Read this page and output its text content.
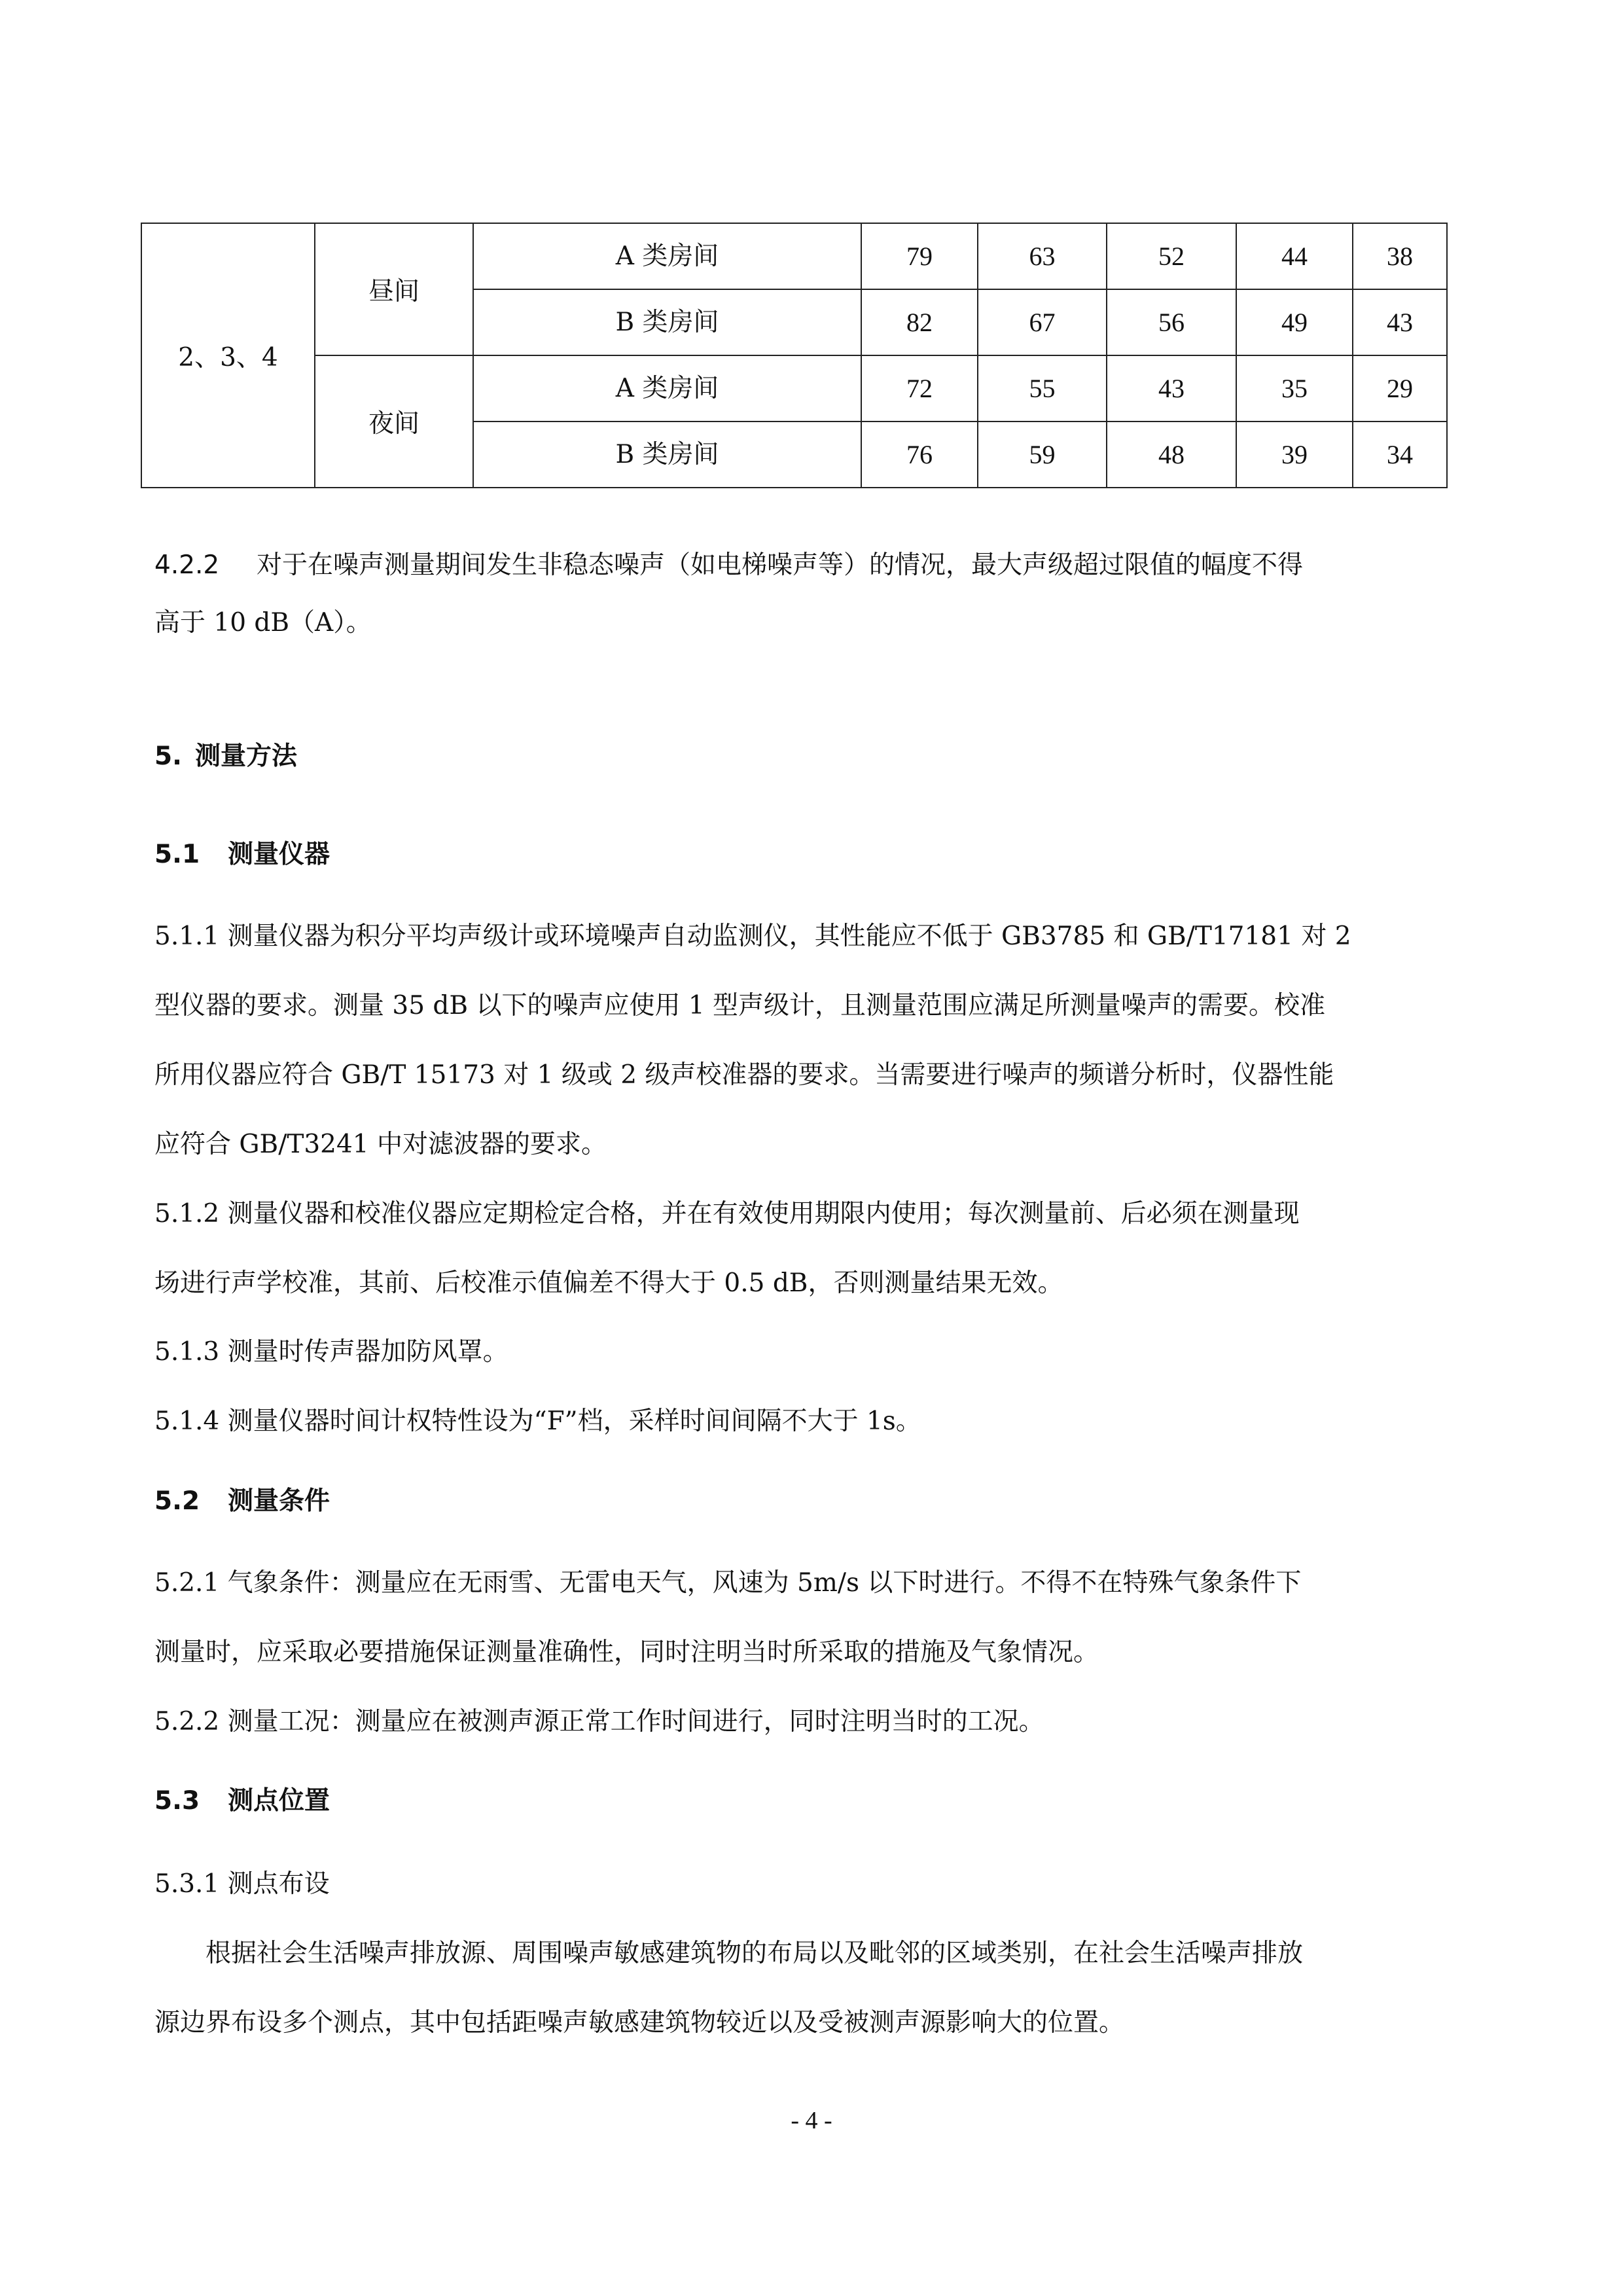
2、3、4	昼间	A 类房间	79	63	52	44	38
		B 类房间	82	67	56	49	43
	夜间	A 类房间	72	55	43	35	29
		B 类房间	76	59	48	39	34
4.2.2 对于在噪声测量期间发生非稳态噪声（如电梯噪声等）的情况，最大声级超过限值的幅度不得
高于 10 dB（A）。
5. 测量方法
5.1 测量仪器
5.1.1 测量仪器为积分平均声级计或环境噪声自动监测仪，其性能应不低于 GB3785 和 GB/T17181 对 2
型仪器的要求。测量 35 dB 以下的噪声应使用 1 型声级计，且测量范围应满足所测量噪声的需要。校准
所用仪器应符合 GB/T 15173 对 1 级或 2 级声校准器的要求。当需要进行噪声的频谱分析时，仪器性能
应符合 GB/T3241 中对滤波器的要求。
5.1.2 测量仪器和校准仪器应定期检定合格，并在有效使用期限内使用；每次测量前、后必须在测量现
场进行声学校准，其前、后校准示值偏差不得大于 0.5 dB，否则测量结果无效。
5.1.3 测量时传声器加防风罩。
5.1.4 测量仪器时间计权特性设为“F”档，采样时间间隔不大于 1s。
5.2 测量条件
5.2.1 气象条件：测量应在无雨雪、无雷电天气，风速为 5m/s 以下时进行。不得不在特殊气象条件下
测量时，应采取必要措施保证测量准确性，同时注明当时所采取的措施及气象情况。
5.2.2 测量工况：测量应在被测声源正常工作时间进行，同时注明当时的工况。
5.3 测点位置
5.3.1 测点布设
根据社会生活噪声排放源、周围噪声敏感建筑物的布局以及毗邻的区域类别，在社会生活噪声排放
源边界布设多个测点，其中包括距噪声敏感建筑物较近以及受被测声源影响大的位置。
- 4 -
